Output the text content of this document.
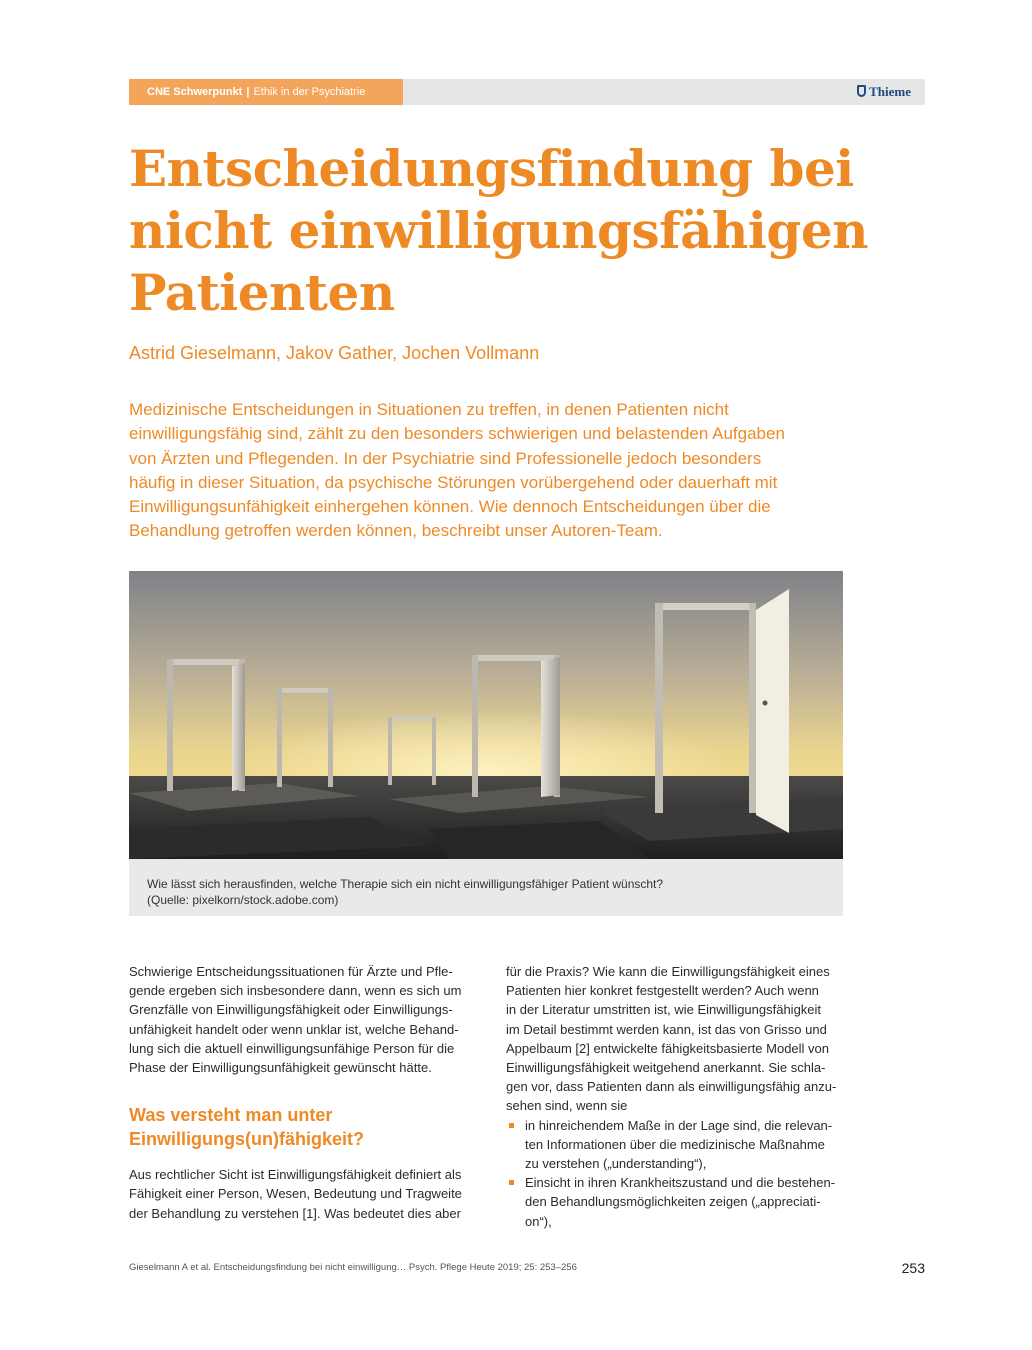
CNE Schwerpunkt | Ethik in der Psychiatrie	Thieme
Entscheidungsfindung bei
nicht einwilligungsfähigen
Patienten
Astrid Gieselmann, Jakov Gather, Jochen Vollmann
Medizinische Entscheidungen in Situationen zu treffen, in denen Patienten nicht
einwilligungsfähig sind, zählt zu den besonders schwierigen und belastenden Aufgaben
von Ärzten und Pflegenden. In der Psychiatrie sind Professionelle jedoch besonders
häufig in dieser Situation, da psychische Störungen vorübergehend oder dauerhaft mit
Einwilligungsunfähigkeit einhergehen können. Wie dennoch Entscheidungen über die
Behandlung getroffen werden können, beschreibt unser Autoren-Team.
Wie lässt sich herausfinden, welche Therapie sich ein nicht einwilligungsfähiger Patient wünscht?
(Quelle: pixelkorn/stock.adobe.com)

Schwierige Entscheidungssituationen für Ärzte und Pfle-
gende ergeben sich insbesondere dann, wenn es sich um
Grenzfälle von Einwilligungsfähigkeit oder Einwilligungs-
unfähigkeit handelt oder wenn unklar ist, welche Behand-
lung sich die aktuell einwilligungsunfähige Person für die
Phase der Einwilligungsunfähigkeit gewünscht hätte.

Was versteht man unter
Einwilligungs(un)fähigkeit?

Aus rechtlicher Sicht ist Einwilligungsfähigkeit definiert als
Fähigkeit einer Person, Wesen, Bedeutung und Tragweite
der Behandlung zu verstehen [1]. Was bedeutet dies aber

für die Praxis? Wie kann die Einwilligungsfähigkeit eines
Patienten hier konkret festgestellt werden? Auch wenn
in der Literatur umstritten ist, wie Einwilligungsfähigkeit
im Detail bestimmt werden kann, ist das von Grisso und
Appelbaum [2] entwickelte fähigkeitsbasierte Modell von
Einwilligungsfähigkeit weitgehend anerkannt. Sie schla-
gen vor, dass Patienten dann als einwilligungsfähig anzu-
sehen sind, wenn sie

in hinreichendem Maße in der Lage sind, die relevan-
ten Informationen über die medizinische Maßnahme
zu verstehen („understanding“),
Einsicht in ihren Krankheitszustand und die bestehen-
den Behandlungsmöglichkeiten zeigen („appreciati-
on“),
Gieselmann A et al. Entscheidungsfindung bei nicht einwilligung… Psych. Pflege Heute 2019; 25: 253–256	253
